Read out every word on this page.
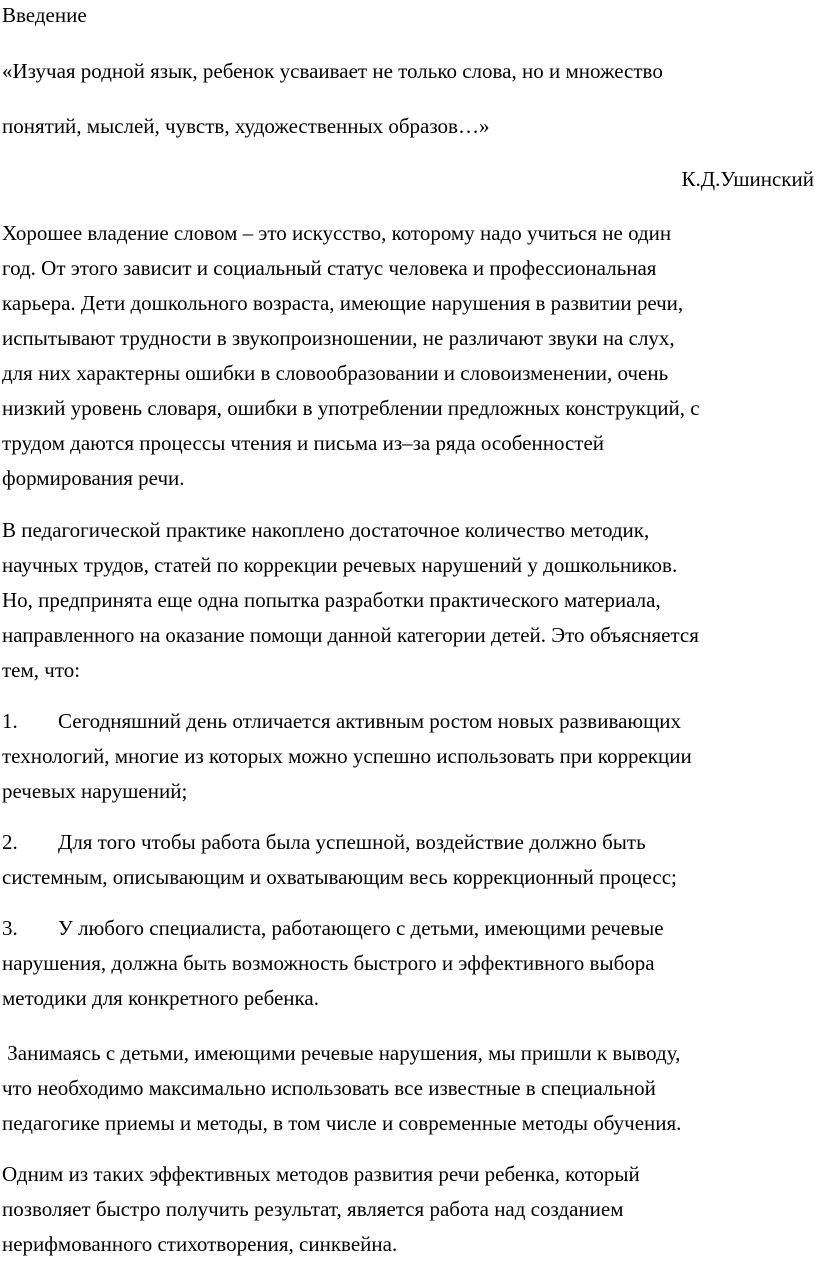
Введение
«Изучая родной язык, ребенок усваивает не только слова, но и множество
понятий, мыслей, чувств, художественных образов…»
К.Д.Ушинский
Хорошее владение словом – это искусство, которому надо учиться не один
год. От этого зависит и социальный статус человека и профессиональная
карьера. Дети дошкольного возраста, имеющие нарушения в развитии речи,
испытывают трудности в звукопроизношении, не различают звуки на слух,
для них характерны ошибки в словообразовании и словоизменении, очень
низкий уровень словаря, ошибки в употреблении предложных конструкций, с
трудом даются процессы чтения и письма из–за ряда особенностей
формирования речи.
В педагогической практике накоплено достаточное количество методик,
научных трудов, статей по коррекции речевых нарушений у дошкольников.
Но, предпринята еще одна попытка разработки практического материала,
направленного на оказание помощи данной категории детей. Это объясняется
тем, что:
1. Сегодняшний день отличается активным ростом новых развивающих
технологий, многие из которых можно успешно использовать при коррекции
речевых нарушений;
2. Для того чтобы работа была успешной, воздействие должно быть
системным, описывающим и охватывающим весь коррекционный процесс;
3. У любого специалиста, работающего с детьми, имеющими речевые
нарушения, должна быть возможность быстрого и эффективного выбора
методики для конкретного ребенка.
Занимаясь с детьми, имеющими речевые нарушения, мы пришли к выводу,
что необходимо максимально использовать все известные в специальной
педагогике приемы и методы, в том числе и современные методы обучения.
Одним из таких эффективных методов развития речи ребенка, который
позволяет быстро получить результат, является работа над созданием
нерифмованного стихотворения, синквейна.
